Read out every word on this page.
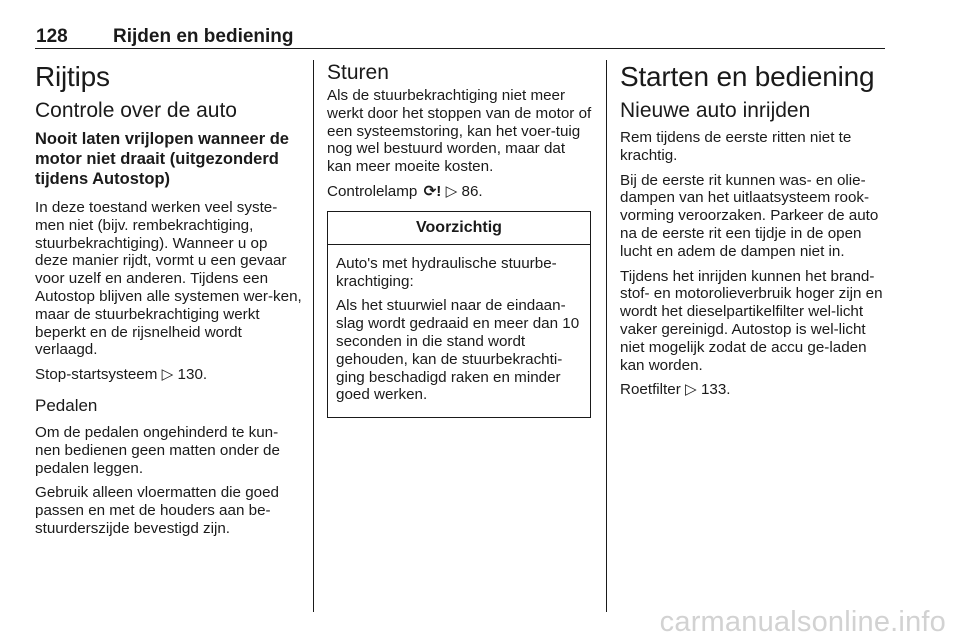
128 Rijden en bediening
Rijtips
Controle over de auto
Nooit laten vrijlopen wanneer de motor niet draait (uitgezonderd tijdens Autostop)

In deze toestand werken veel syste-men niet (bijv. rembekrachtiging, stuurbekrachtiging). Wanneer u op deze manier rijdt, vormt u een gevaar voor uzelf en anderen. Tijdens een Autostop blijven alle systemen wer-ken, maar de stuurbekrachtiging werkt beperkt en de rijsnelheid wordt verlaagd.

Stop-startsysteem ▷ 130.

Pedalen

Om de pedalen ongehinderd te kun-nen bedienen geen matten onder de pedalen leggen.

Gebruik alleen vloermatten die goed passen en met de houders aan be-stuurderszijde bevestigd zijn.

Sturen

Als de stuurbekrachtiging niet meer werkt door het stoppen van de motor of een systeemstoring, kan het voer-tuig nog wel bestuurd worden, maar dat kan meer moeite kosten.

Controlelamp ⟳! ▷ 86.

Voorzichtig

Auto's met hydraulische stuurbe-krachtiging:

Als het stuurwiel naar de eindaan-slag wordt gedraaid en meer dan 10 seconden in die stand wordt gehouden, kan de stuurbekrachti-ging beschadigd raken en minder goed werken.

Starten en bediening
Nieuwe auto inrijden

Rem tijdens de eerste ritten niet te krachtig.

Bij de eerste rit kunnen was- en olie-dampen van het uitlaatsysteem rook-vorming veroorzaken. Parkeer de auto na de eerste rit een tijdje in de open lucht en adem de dampen niet in.

Tijdens het inrijden kunnen het brand-stof- en motorolieverbruik hoger zijn en wordt het dieselpartikelfilter wel-licht vaker gereinigd. Autostop is wel-licht niet mogelijk zodat de accu ge-laden kan worden.

Roetfilter ▷ 133.

carmanualsonline.info
